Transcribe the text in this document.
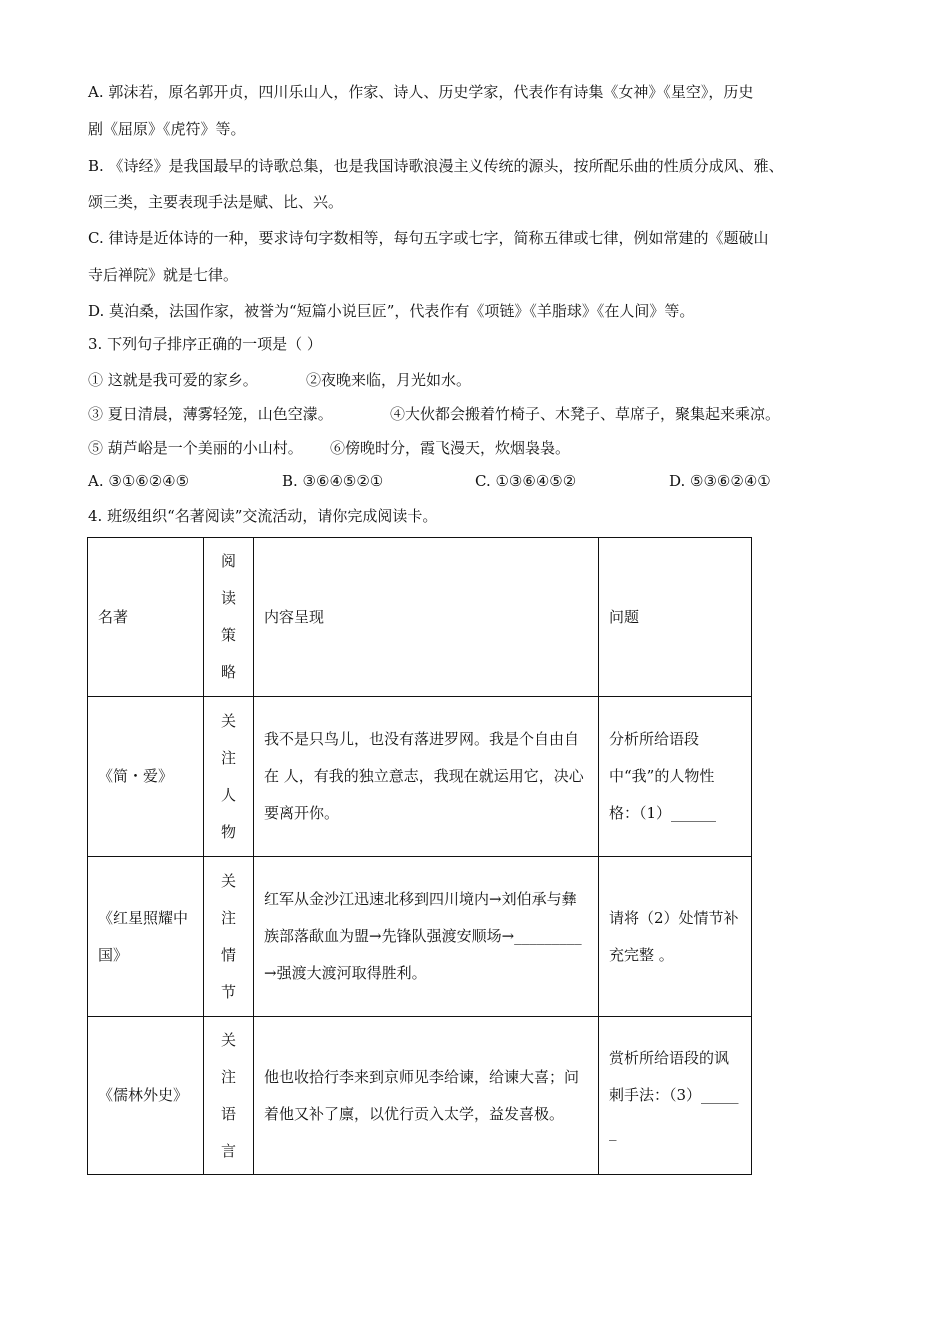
A. 郭沫若，原名郭开贞，四川乐山人，作家、诗人、历史学家，代表作有诗集《女神》《星空》，历史
剧《屈原》《虎符》等。
B. 《诗经》是我国最早的诗歌总集，也是我国诗歌浪漫主义传统的源头，按所配乐曲的性质分成风、雅、
颂三类，主要表现手法是赋、比、兴。
C. 律诗是近体诗的一种，要求诗句字数相等，每句五字或七字，简称五律或七律，例如常建的《题破山
寺后禅院》就是七律。
D. 莫泊桑，法国作家，被誉为“短篇小说巨匠”，代表作有《项链》《羊脂球》《在人间》等。
3. 下列句子排序正确的一项是（ ）
① 这就是我可爱的家乡。	②夜晚来临，月光如水。
③ 夏日清晨，薄雾轻笼，山色空濛。	④大伙都会搬着竹椅子、木凳子、草席子，聚集起来乘凉。
⑤ 葫芦峪是一个美丽的小山村。 ⑥傍晚时分，霞飞漫天，炊烟袅袅。
A. ③①⑥②④⑤	B. ③⑥④⑤②①	C. ①③⑥④⑤②	D. ⑤③⑥②④①
4. 班级组织“名著阅读”交流活动，请你完成阅读卡。
名著	阅读策略	内容呈现	问题
《简・爱》	关注人物	我不是只鸟儿，也没有落进罗网。我是个自由自在 人，有我的独立意志，我现在就运用它，决心要离开你。	分析所给语段中“我”的人物性格：（1）______
《红星照耀中国》	关注情节	红军从金沙江迅速北移到四川境内→刘伯承与彝族部落歃血为盟→先锋队强渡安顺场→_________→强渡大渡河取得胜利。	请将（2）处情节补充完整 。
《儒林外史》	关注语言	他也收拾行李来到京师见李给谏，给谏大喜；问着他又补了廪，以优行贡入太学，益发喜极。	赏析所给语段的讽刺手法：（3）______
